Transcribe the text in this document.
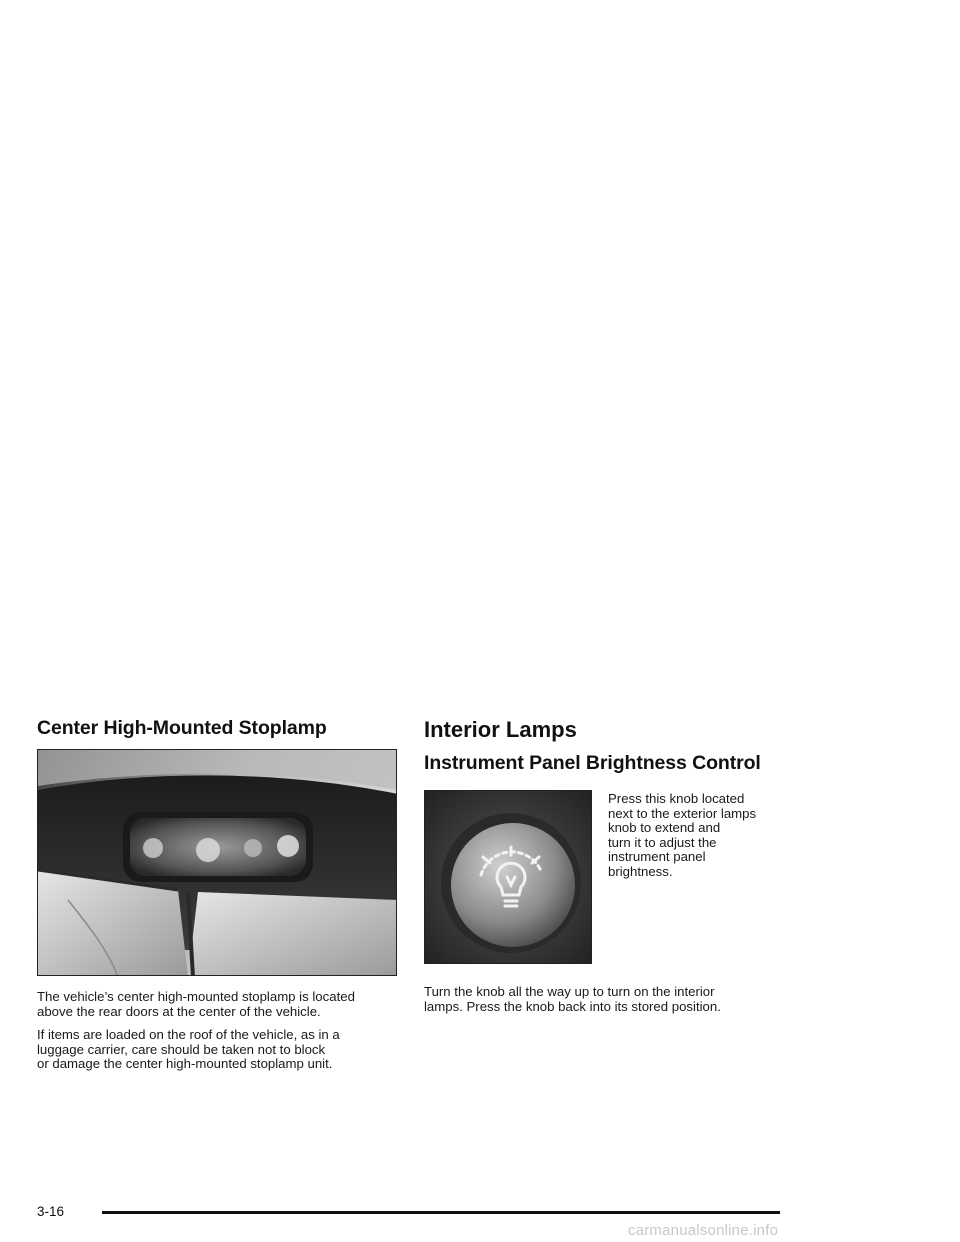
Center High-Mounted Stoplamp

The vehicle’s center high-mounted stoplamp is located
above the rear doors at the center of the vehicle.

If items are loaded on the roof of the vehicle, as in a
luggage carrier, care should be taken not to block
or damage the center high-mounted stoplamp unit.

Interior Lamps
Instrument Panel Brightness Control

Press this knob located
next to the exterior lamps
knob to extend and
turn it to adjust the
instrument panel
brightness.

Turn the knob all the way up to turn on the interior
lamps. Press the knob back into its stored position.

3-16
carmanualsonline.info
